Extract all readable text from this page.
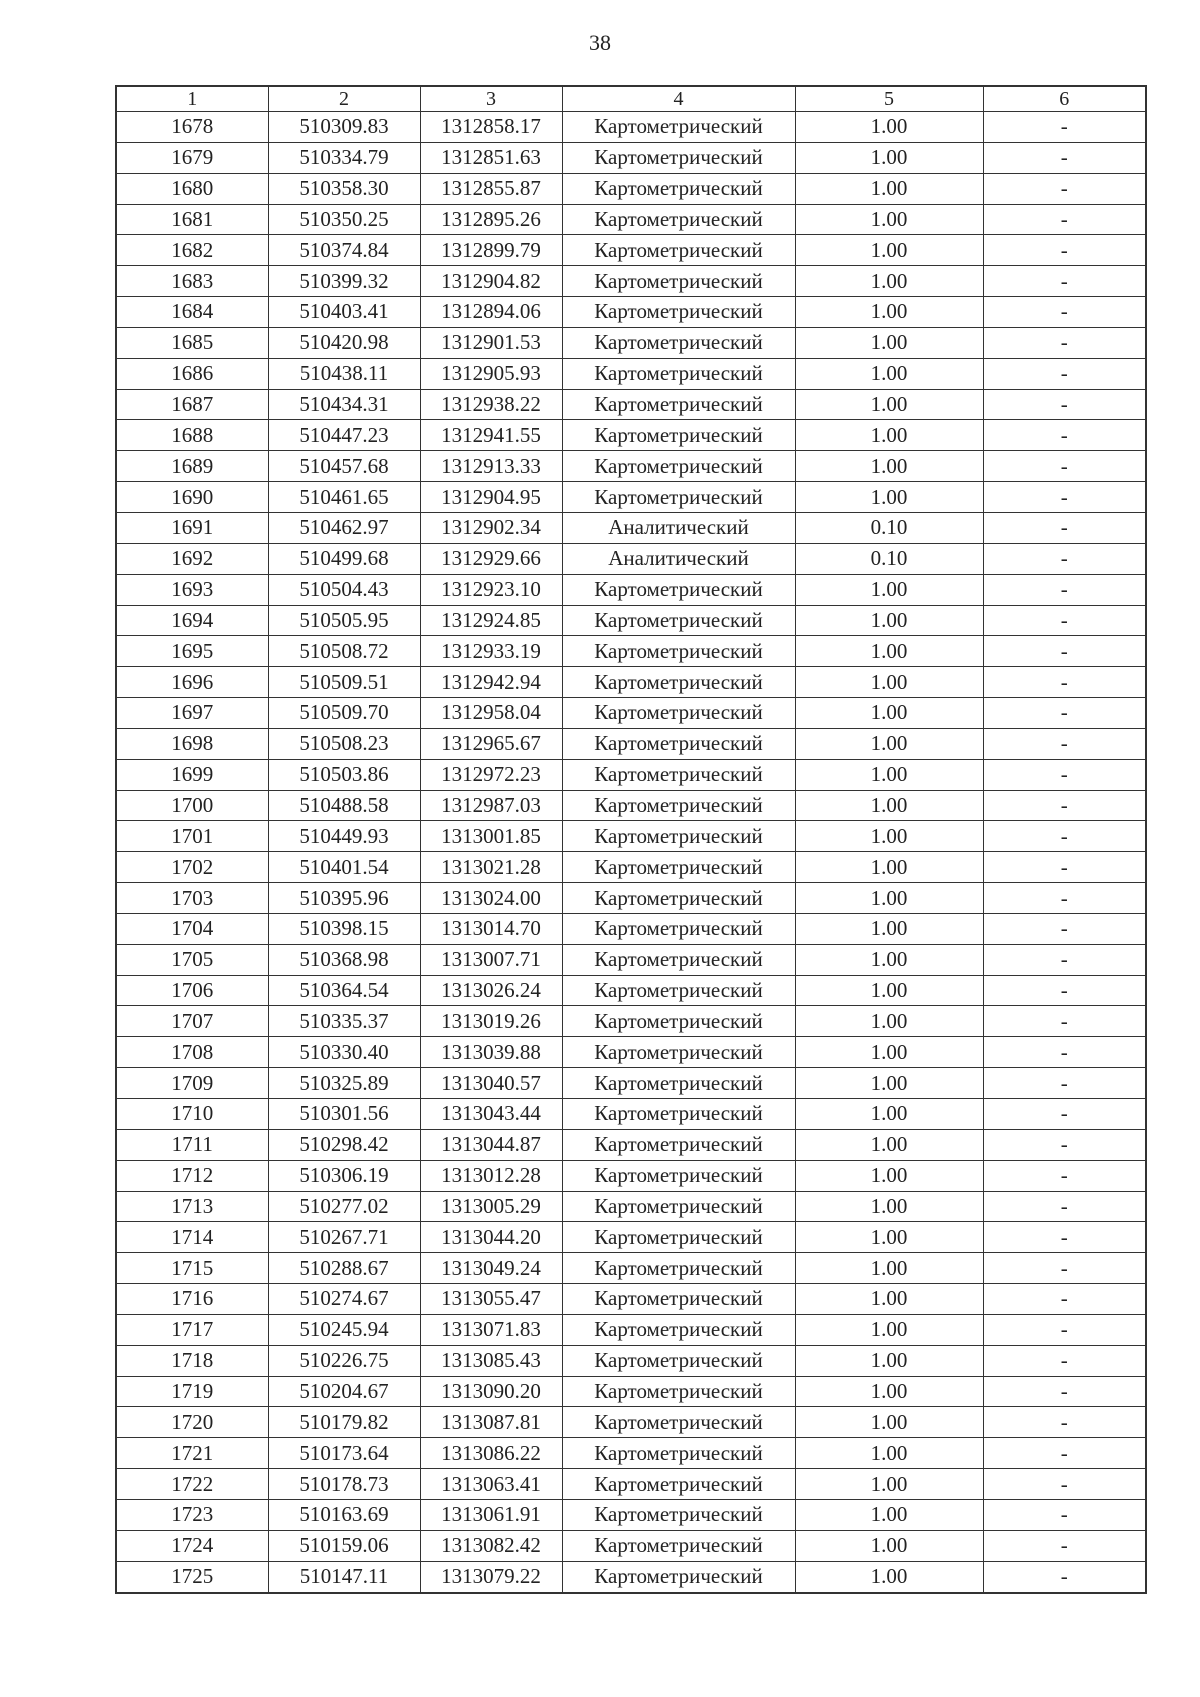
38
1	2	3	4	5	6
1678	510309.83	1312858.17	Картометрический	1.00	-
1679	510334.79	1312851.63	Картометрический	1.00	-
1680	510358.30	1312855.87	Картометрический	1.00	-
1681	510350.25	1312895.26	Картометрический	1.00	-
1682	510374.84	1312899.79	Картометрический	1.00	-
1683	510399.32	1312904.82	Картометрический	1.00	-
1684	510403.41	1312894.06	Картометрический	1.00	-
1685	510420.98	1312901.53	Картометрический	1.00	-
1686	510438.11	1312905.93	Картометрический	1.00	-
1687	510434.31	1312938.22	Картометрический	1.00	-
1688	510447.23	1312941.55	Картометрический	1.00	-
1689	510457.68	1312913.33	Картометрический	1.00	-
1690	510461.65	1312904.95	Картометрический	1.00	-
1691	510462.97	1312902.34	Аналитический	0.10	-
1692	510499.68	1312929.66	Аналитический	0.10	-
1693	510504.43	1312923.10	Картометрический	1.00	-
1694	510505.95	1312924.85	Картометрический	1.00	-
1695	510508.72	1312933.19	Картометрический	1.00	-
1696	510509.51	1312942.94	Картометрический	1.00	-
1697	510509.70	1312958.04	Картометрический	1.00	-
1698	510508.23	1312965.67	Картометрический	1.00	-
1699	510503.86	1312972.23	Картометрический	1.00	-
1700	510488.58	1312987.03	Картометрический	1.00	-
1701	510449.93	1313001.85	Картометрический	1.00	-
1702	510401.54	1313021.28	Картометрический	1.00	-
1703	510395.96	1313024.00	Картометрический	1.00	-
1704	510398.15	1313014.70	Картометрический	1.00	-
1705	510368.98	1313007.71	Картометрический	1.00	-
1706	510364.54	1313026.24	Картометрический	1.00	-
1707	510335.37	1313019.26	Картометрический	1.00	-
1708	510330.40	1313039.88	Картометрический	1.00	-
1709	510325.89	1313040.57	Картометрический	1.00	-
1710	510301.56	1313043.44	Картометрический	1.00	-
1711	510298.42	1313044.87	Картометрический	1.00	-
1712	510306.19	1313012.28	Картометрический	1.00	-
1713	510277.02	1313005.29	Картометрический	1.00	-
1714	510267.71	1313044.20	Картометрический	1.00	-
1715	510288.67	1313049.24	Картометрический	1.00	-
1716	510274.67	1313055.47	Картометрический	1.00	-
1717	510245.94	1313071.83	Картометрический	1.00	-
1718	510226.75	1313085.43	Картометрический	1.00	-
1719	510204.67	1313090.20	Картометрический	1.00	-
1720	510179.82	1313087.81	Картометрический	1.00	-
1721	510173.64	1313086.22	Картометрический	1.00	-
1722	510178.73	1313063.41	Картометрический	1.00	-
1723	510163.69	1313061.91	Картометрический	1.00	-
1724	510159.06	1313082.42	Картометрический	1.00	-
1725	510147.11	1313079.22	Картометрический	1.00	-
